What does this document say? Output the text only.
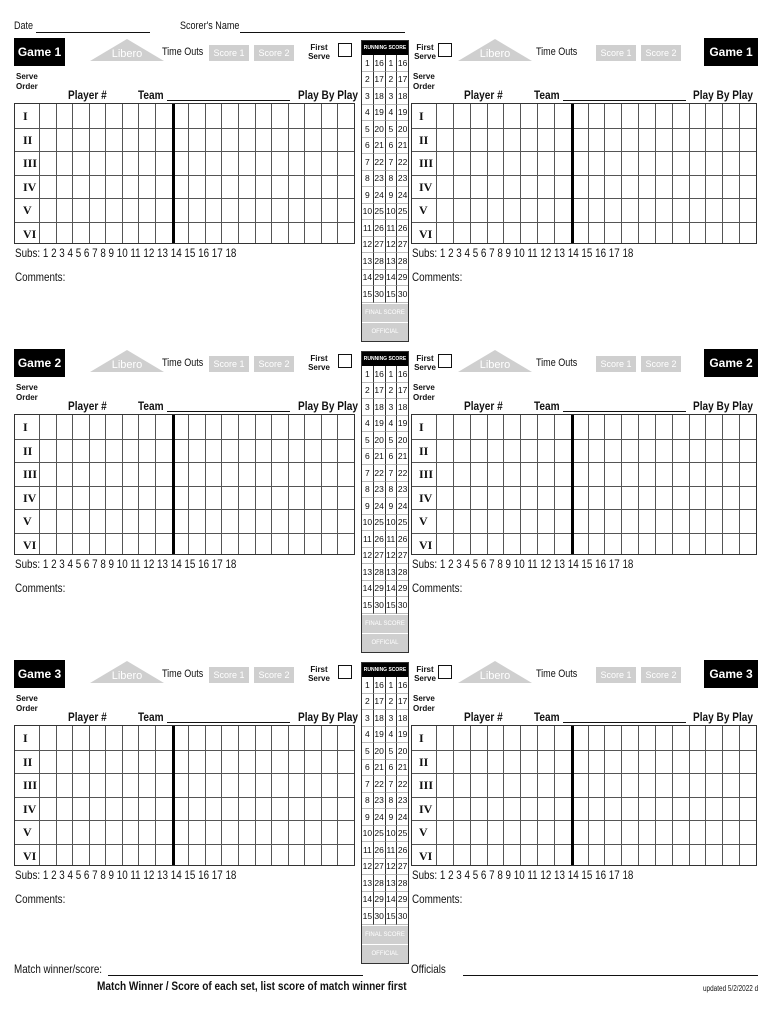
Date	Scorer's Name
Game 1	Libero	Time Outs	Score 1	Score 2
First
Serve
Serve
Order
Player #	Team	Play By Play
I
II
III
IV
V
VI
Subs: 1 2 3 4 5 6 7 8 9 10 11 12 13 14 15 16 17 18
Comments:
RUNNING SCORE
1 16 1 16
2 17 2 17
3 18 3 18
4 19 4 19
5 20 5 20
6 21 6 21
7 22 7 22
8 23 8 23
9 24 9 24
10 25 10 25
11 26 11 26
12 27 12 27
13 28 13 28
14 29 14 29
15 30 15 30
FINAL SCORE
OFFICIAL
Game 1
Libero	Time Outs	Score 1	Score 2
First
Serve
Serve
Order
Player #	Team	Play By Play
I
II
III
IV
V
VI
Subs: 1 2 3 4 5 6 7 8 9 10 11 12 13 14 15 16 17 18
Comments:
Game 2	Libero	Time Outs	Score 1	Score 2
First
Serve
Serve
Order
Player #	Team	Play By Play
I
II
III
IV
V
VI
Subs: 1 2 3 4 5 6 7 8 9 10 11 12 13 14 15 16 17 18
Comments:
RUNNING SCORE
1 16 1 16
2 17 2 17
3 18 3 18
4 19 4 19
5 20 5 20
6 21 6 21
7 22 7 22
8 23 8 23
9 24 9 24
10 25 10 25
11 26 11 26
12 27 12 27
13 28 13 28
14 29 14 29
15 30 15 30
FINAL SCORE
OFFICIAL
Game 2
Libero	Time Outs	Score 1	Score 2
First
Serve
Serve
Order
Player #	Team	Play By Play
I
II
III
IV
V
VI
Subs: 1 2 3 4 5 6 7 8 9 10 11 12 13 14 15 16 17 18
Comments:
Game 3	Libero	Time Outs	Score 1	Score 2
First
Serve
Serve
Order
Player #	Team	Play By Play
I
II
III
IV
V
VI
Subs: 1 2 3 4 5 6 7 8 9 10 11 12 13 14 15 16 17 18
Comments:
RUNNING SCORE
1 16 1 16
2 17 2 17
3 18 3 18
4 19 4 19
5 20 5 20
6 21 6 21
7 22 7 22
8 23 8 23
9 24 9 24
10 25 10 25
11 26 11 26
12 27 12 27
13 28 13 28
14 29 14 29
15 30 15 30
FINAL SCORE
OFFICIAL
Game 3
Libero	Time Outs	Score 1	Score 2
First
Serve
Serve
Order
Player #	Team	Play By Play
I
II
III
IV
V
VI
Subs: 1 2 3 4 5 6 7 8 9 10 11 12 13 14 15 16 17 18
Comments:
Match winner/score:	Officials
Match Winner / Score of each set, list score of match winner first	updated 5/2/2022 d
